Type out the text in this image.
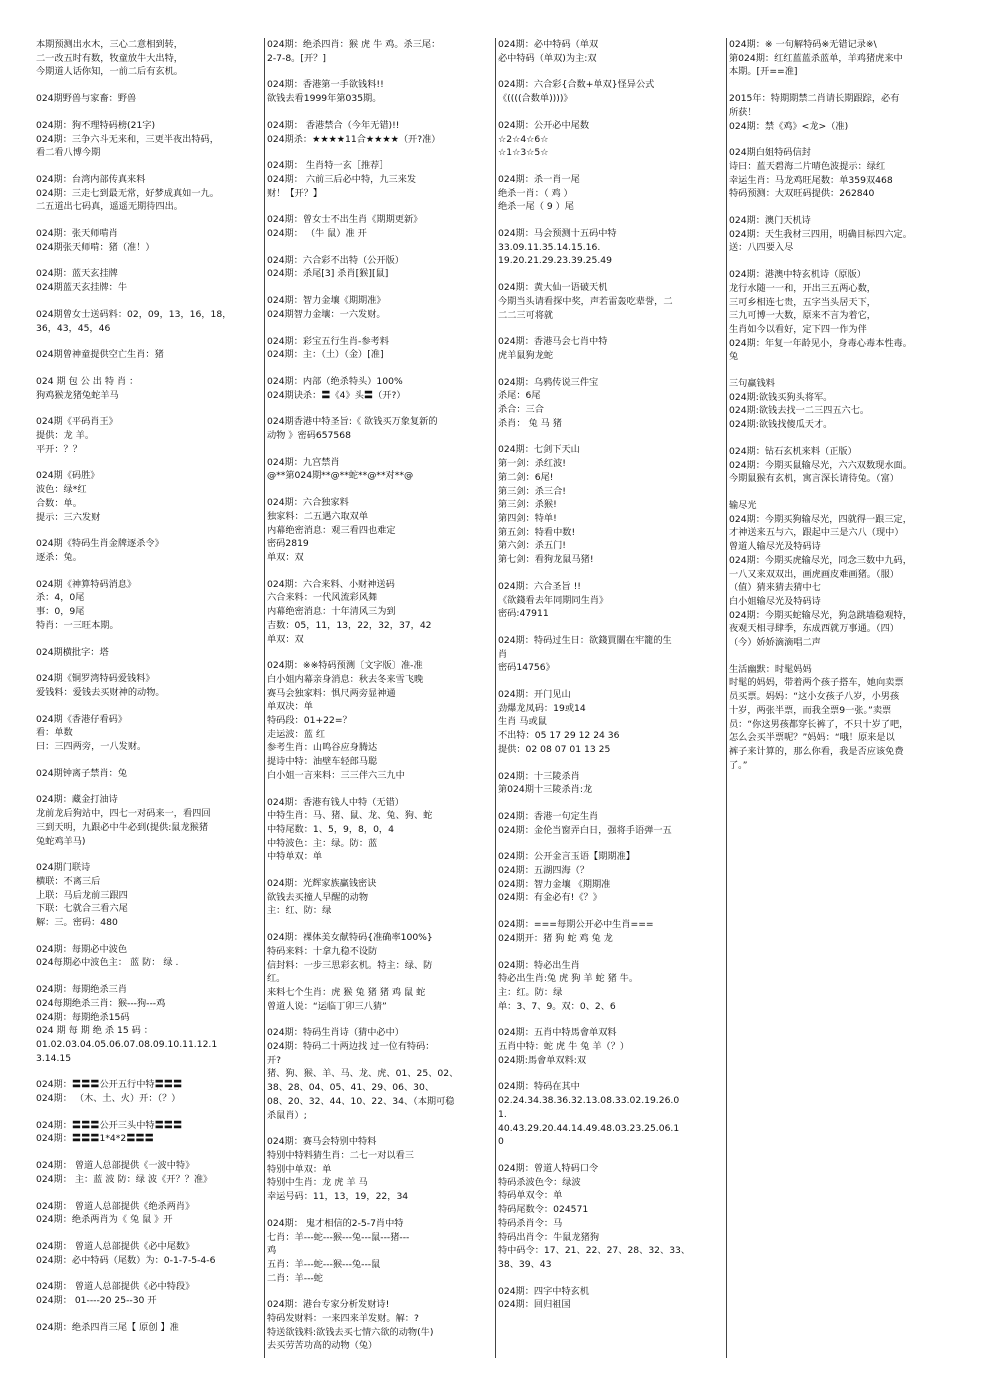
本期预测出水木，三心二意相到转，
二一改五时有数，牧童放牛大出特，
今期道人话你知，一前二后有玄机。
024期野兽与家畜：野兽
024期：狗不理特码榜(21字)
024期：三争六斗无来和，三更半夜出特码，
看二看八博今期
024期：台湾内部传真来料
024期：三走七到最无常，好梦成真如一九。
二五道出七码真，遥遥无期待四出。
024期：张天师啃肖
024期张天师啃：猪（准！）
024期：蓝天玄挂牌
024期蓝天玄挂牌：牛
024期曾女士送码料：02，09，13，16，18，
36，43，45，46
024期曾神童提供空亡生肖：猪
024 期 包 公 出 特 肖 ：
狗鸡猴龙猪兔蛇羊马
024期《平码肖王》
提供：龙 羊。
平开：？？
024期《码胜》
波色：绿*红
合数：单。
提示：三六发财
024期《特码生肖金牌逐杀令》
逐杀：兔。
024期《神算特码消息》
杀：4，0尾
事：0，9尾
特肖：一三旺本期。
024期横批字：塔
024期《铜罗湾特码爱钱料》
爱钱料：爱钱去买财神的动物。
024期《香港仔看码》
看：单数
曰：三四两旁，一八发财。
024期钟离子禁肖：兔
024期：藏金打油诗
龙前龙后狗站中，四七一对码来一，看四回
三到天明，九跟必中牛必到(提供:鼠龙猴猪
兔蛇鸡羊马)
024期门联诗
横联：不离三后
上联：马后龙前三跟四
下联：七就合三看六尾
解：三。密码：480
024期：每期必中波色
024每期必中波色主： 蓝 防： 绿 .
024期：每期绝杀三肖
024每期绝杀三肖：猴---狗---鸡
024期：每期绝杀15码
024 期 每 期 绝 杀 15 码 ：
01.02.03.04.05.06.07.08.09.10.11.12.1
3.14.15
024期：〓〓〓公开五行中特〓〓〓
024期： （木、土、火）开：（？）
024期：〓〓〓公开三头中特〓〓〓
024期：〓〓〓1*4*2〓〓〓
024期： 曾道人总部提供《一波中特》
024期： 主：蓝 波 防：绿 波《开？？准》
024期： 曾道人总部提供《绝杀两肖》
024期：绝杀两肖为《 兔 鼠 》开
024期： 曾道人总部提供《必中尾数》
024期：必中特码（尾数）为：0-1-7-5-4-6
024期： 曾道人总部提供《必中特段》
024期： 01----20 25--30 开
024期：绝杀四肖三尾【 原创 】准
024期：绝杀四肖：猴 虎 牛 鸡。杀三尾：
2-7-8。[开？]
024期：香港第一手欲钱料!!
欲钱去看1999年第035期。
024期： 香港禁合（今年无错)!!
024期杀：★★★★11合★★★★（开?准）
024期： 生肖特一玄［推荐］
024期： 六前三后必中特，九三来发
财！【开？】
024期：曾女士不出生肖《期期更新》
024期： （牛 鼠）准 开
024期：六合彩不出特（公开版）
024期：杀尾[3] 杀肖[猴][鼠]
024期：智力金壤《期期准》
024期智力金壤：一六发财。
024期：彩宝五行生肖-参考料
024期：主：（土）（金）[准]
024期：内部（绝杀特头）100%
024期诀杀：〓《4》头〓（开?）
024期香港中特圣旨:《 欲钱买万象复新的
动物 》密码657568
024期：九宫禁肖
@**第024期**@**蛇**@**对**@
024期：六合独家料
独家料：二五遇六取双单
内幕绝密消息：观三看四也难定
密码2819
单双：双
024期：六合来料、小财神送码
六合来料：一代风流彩风舞
内幕绝密消息：十年清风三为到
吉数：05，11，13，22，32，37，42
单双：双
024期：※※特码预测〔文字版〕准-准
白小姐内幕亲身消息：秋去冬来雪飞晚
赛马会独家料：惧尺两旁显神通
单双决：单
特码段：01+22=？
走运波：蓝 红
参考生肖：山鸣谷应身腾达
提诗中特：油壁车轻郎马聪
白小姐一言来料：三三伴六三九中
024期：香港有钱人中特（无错）
中特生肖：马、猪、鼠、龙、兔、狗、蛇
中特尾数：1、5，9，8，0，4
中特波色：主：绿。防：蓝
中特单双：单
024期：光辉家族赢钱密诀
欲钱去买撞人早醒的动物
主：红、防：绿
024期：裸体美女献特码{准确率100%}
特码来料：十拿九稳不设防
信封料：一步三思彩玄机。特主：绿、防
红。
来料七个生肖：虎 猴 兔 猪 猪 鸡 鼠 蛇
曾道人说：“运临丁卯三八猜”
024期：特码生肖诗（猜中必中）
024期：特码二十两边找 过一位有特码：
开?
猪、狗、猴、羊、马、龙、虎、01、25、02、
38、28、04、05、41、29、06、30、
08、20、32、44、10、22、34、（本期可稳
杀鼠肖）;
024期：赛马会特别中特料
特别中特料猜生肖：二七一对以看三
特别中单双：单
特别中生肖：龙 虎 羊 马
幸运号码：11，13，19，22，34
024期： 鬼才相信的2-5-7肖中特
七肖：羊---蛇---猴---兔---鼠---猪---
鸡
五肖：羊---蛇---猴---兔---鼠
二肖：羊---蛇
024期：港台专家分析发财诗!
特码发财料：一来四来羊发财。解：?
特送欲钱料:欲钱去买七情六欲的动物(牛)
去买劳苦功高的动物（兔）
024期：必中特码（单双
必中特码（单双)为主:双
024期：六合彩{合数+单双}怪异公式
《((((合数单))))》
024期：公开必中尾数
☆2☆4☆6☆
☆1☆3☆5☆
024期：杀一肖一尾
绝杀一肖：（ 鸡 ）
绝杀一尾（ 9 ）尾
024期：马会预测十五码中特
33.09.11.35.14.15.16.
19.20.21.29.23.39.25.49
024期：黄大仙一语破天机
今期当头请看探中奖，声若雷轰吃辈誉，二
二二三可将就
024期：香港马会七肖中特
虎羊鼠狗龙蛇
024期：乌鸦传说三件宝
杀尾：6尾
杀合：三合
杀肖： 兔 马 猪
024期：七剑下天山
第一剑：杀红波!
第二剑：6尾!
第三剑：杀三合!
第三剑：杀猴!
第四剑：特单!
第五剑：特看中数!
第六剑：杀五门!
第七剑：看狗龙鼠马猪!
024期：六合圣旨 !!
《欲錢看去年同期同生肖》
密码:47911
024期：特码过生日：欲錢買關在牢籠的生
肖
密码14756》
024期：开门见山
劲爆龙凤码：19或14
生肖 马或鼠
不出特：05 17 29 12 24 36
提供：02 08 07 01 13 25
024期：十三陵杀肖
第024期十三陵杀肖:龙
024期：香港一句定生肖
024期：金伦当窗弄白日，强将手语弹一五
024期：公开金言玉语【期期准】
024期：五湖四海（？
024期：智力金壤 《期期准
024期：有金必有!《？》
024期：===每期公开必中生肖===
024期开：猪 狗 蛇 鸡 兔 龙
024期：特必出生肖
特必出生肖:兔 虎 狗 羊 蛇 猪 牛。
主：红。防：绿
单：3、7、9。双：0、2、6
024期：五肖中特馬會单双料
五肖中特：蛇 虎 牛 兔 羊（？）
024期:馬會单双料:双
024期：特码在其中
02.24.34.38.36.32.13.08.33.02.19.26.0
1.
40.43.29.20.44.14.49.48.03.23.25.06.1
0
024期：曾道人特码口令
特码杀波色令：绿波
特码单双令：单
特码尾数令：024571
特码杀肖令：马
特码出肖令：牛鼠龙猪狗
特中码令：17、21、22、27、28、32、33、
38、39、43
024期：四字中特玄机
024期：回归祖国
024期：※ 一句解特码※无错记录※\
第024期：红红蓝蓝杀蓝单，羊鸡猪虎来中
本期。[开==准]
2015年：特期期禁二肖请长期跟踪，必有
所获！
024期：禁《鸡》<龙>（准)
024期白姐特码信封
诗曰：蓝天碧海二片晴色波提示：绿红
幸运生肖：马龙鸡旺尾数：单359双468
特码预测：大双旺码提供：262840
024期：澳门天机诗
024期：天生我材三四用，明确目标四六定。
送：八四要入尽
024期：港澳中特玄机诗（原版）
龙行水随一一和，开出三五两心数，
三可乡相连七贵，五字当头居天下，
三九可博一大数，原来不言为着它，
生肖如今以看好，定下四一作为伴
024期：年复一年龄见小，身毒心毒本性毒。
兔
三句赢钱料
024期:欲钱买狗头将军。
024期:欲钱去找一二三四五六七。
024期:欲钱找傻瓜天才。
024期：钻石玄机来料（正版）
024期：今期买鼠输尽光，六六双数现水面。
今期鼠猴有玄机，寓言深长请待兔。（富）
输尽光
024期：今期买狗输尽光，四就得一跟三定，
才神送来五与六，跟起中三是六八（现中）
曾道人输尽光及特码诗
024期：今期买虎输尽光，同念三数中九码，
一八又来双双出，画虎画皮难画猪。（服）
（值）猜来猜去猜中七
白小姐输尽光及特码诗
024期：今期买蛇输尽光，狗急跳墙稳观特，
夜观天相寻肆季，东成西就万事通。（四）
（今）娇娇滴滴唱二声
生活幽默：时髦妈妈
时髦的妈妈，带着两个孩子搭车，她向卖票
员买票。妈妈：“这小女孩子八岁，小男孩
十岁，两张半票，而我全票9一张。”卖票
员：“你这男孩都穿长裤了，不只十岁了吧，
怎么会买半票呢？”妈妈：“哦！原来是以
裤子来计算的，那么你看，我是否应该免费
了。”
